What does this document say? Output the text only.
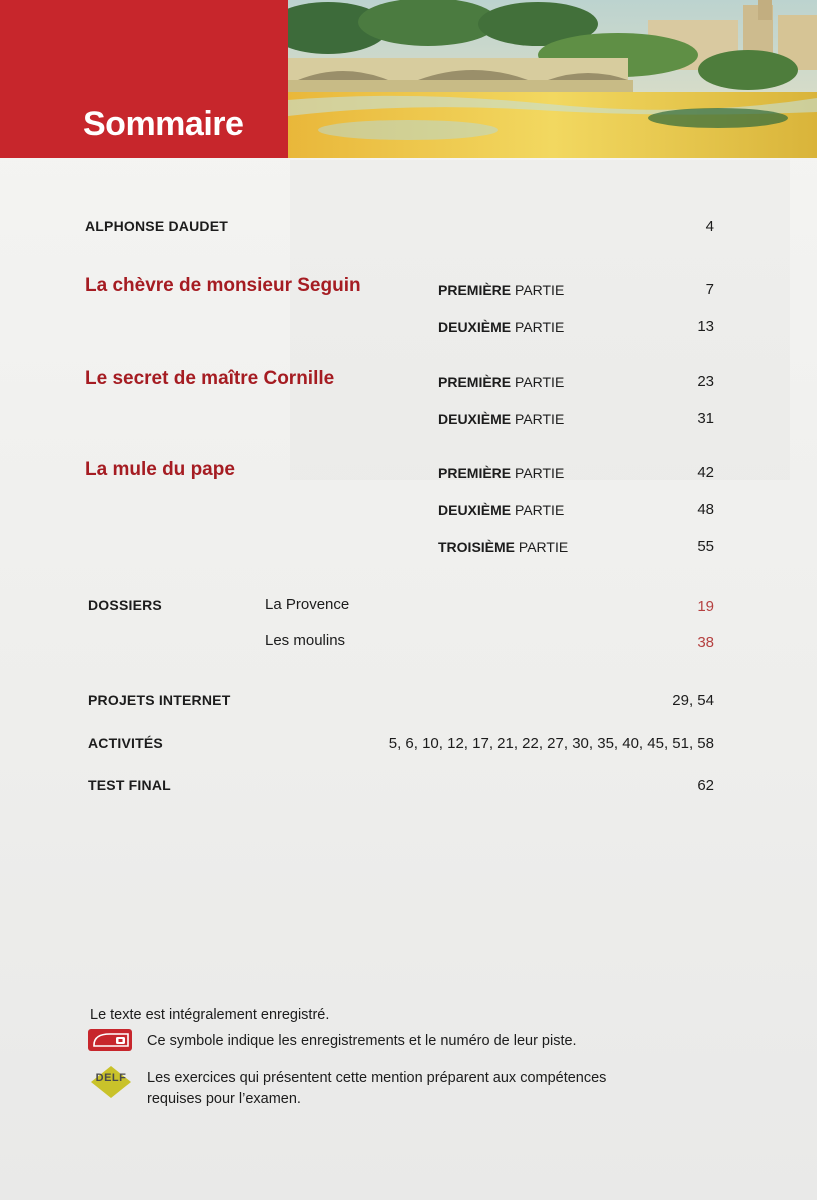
Sommaire
ALPHONSE DAUDET	4
La chèvre de monsieur Seguin	PREMIÈRE PARTIE	7
DEUXIÈME PARTIE	13
Le secret de maître Cornille	PREMIÈRE PARTIE	23
DEUXIÈME PARTIE	31
La mule du pape	PREMIÈRE PARTIE	42
DEUXIÈME PARTIE	48
TROISIÈME PARTIE	55
DOSSIERS	La Provence	19
Les moulins	38
PROJETS INTERNET	29, 54
ACTIVITÉS	5, 6, 10, 12, 17, 21, 22, 27, 30, 35, 40, 45, 51, 58
TEST FINAL	62
Le texte est intégralement enregistré.
Ce symbole indique les enregistrements et le numéro de leur piste.
DELF	Les exercices qui présentent cette mention préparent aux compétences
requises pour l’examen.
